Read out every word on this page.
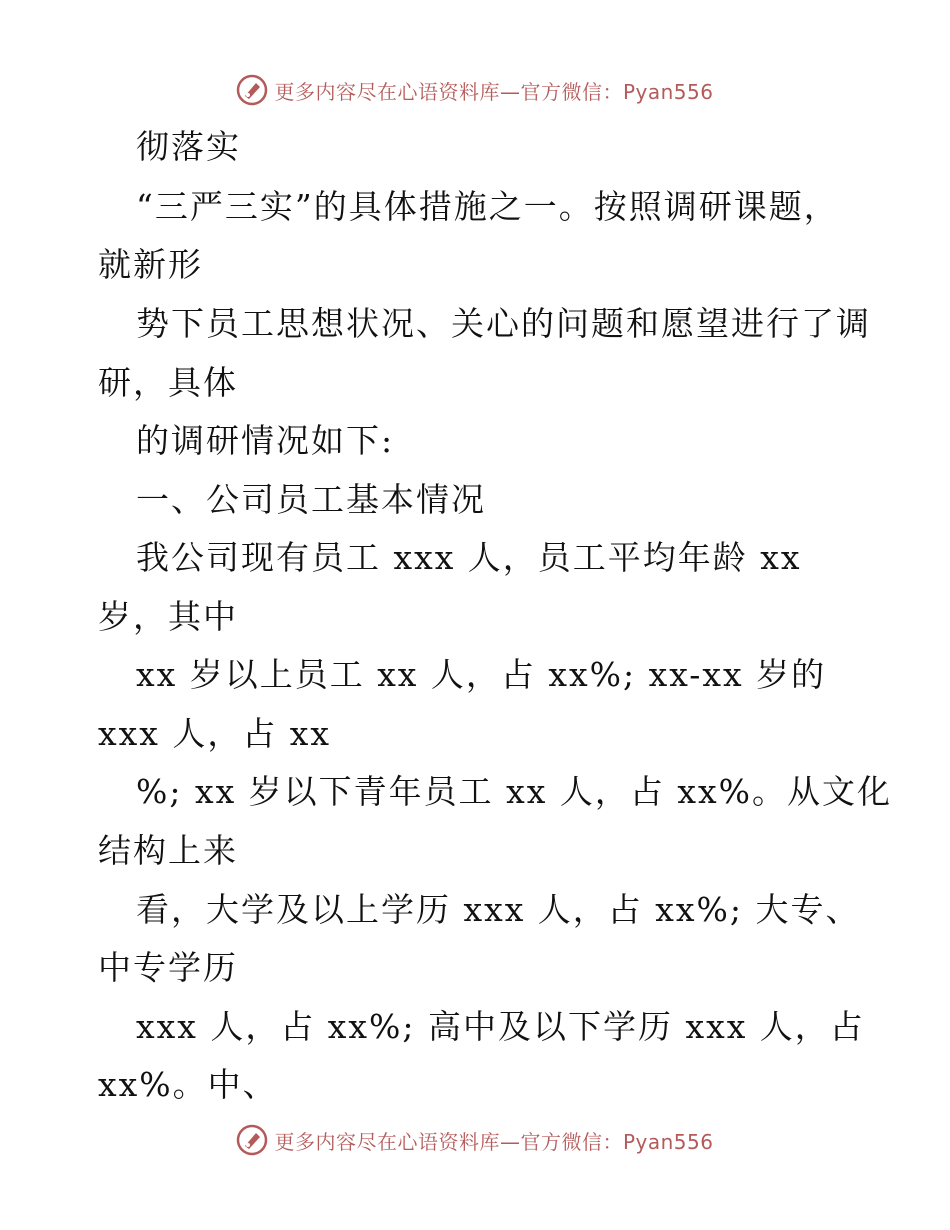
更多内容尽在心语资料库—官方微信：Pyan556
彻落实
“三严三实”的具体措施之一。按照调研课题，
就新形
势下员工思想状况、关心的问题和愿望进行了调
研，具体
的调研情况如下:
一、公司员工基本情况
我公司现有员工 xxx 人，员工平均年龄 xx
岁，其中
xx 岁以上员工 xx 人，占 xx%; xx-xx 岁的
xxx 人，占 xx
%; xx 岁以下青年员工 xx 人，占 xx%。从文化
结构上来
看，大学及以上学历 xxx 人，占 xx%; 大专、
中专学历
xxx 人，占 xx%; 高中及以下学历 xxx 人，占
xx%。中、
更多内容尽在心语资料库—官方微信：Pyan556
